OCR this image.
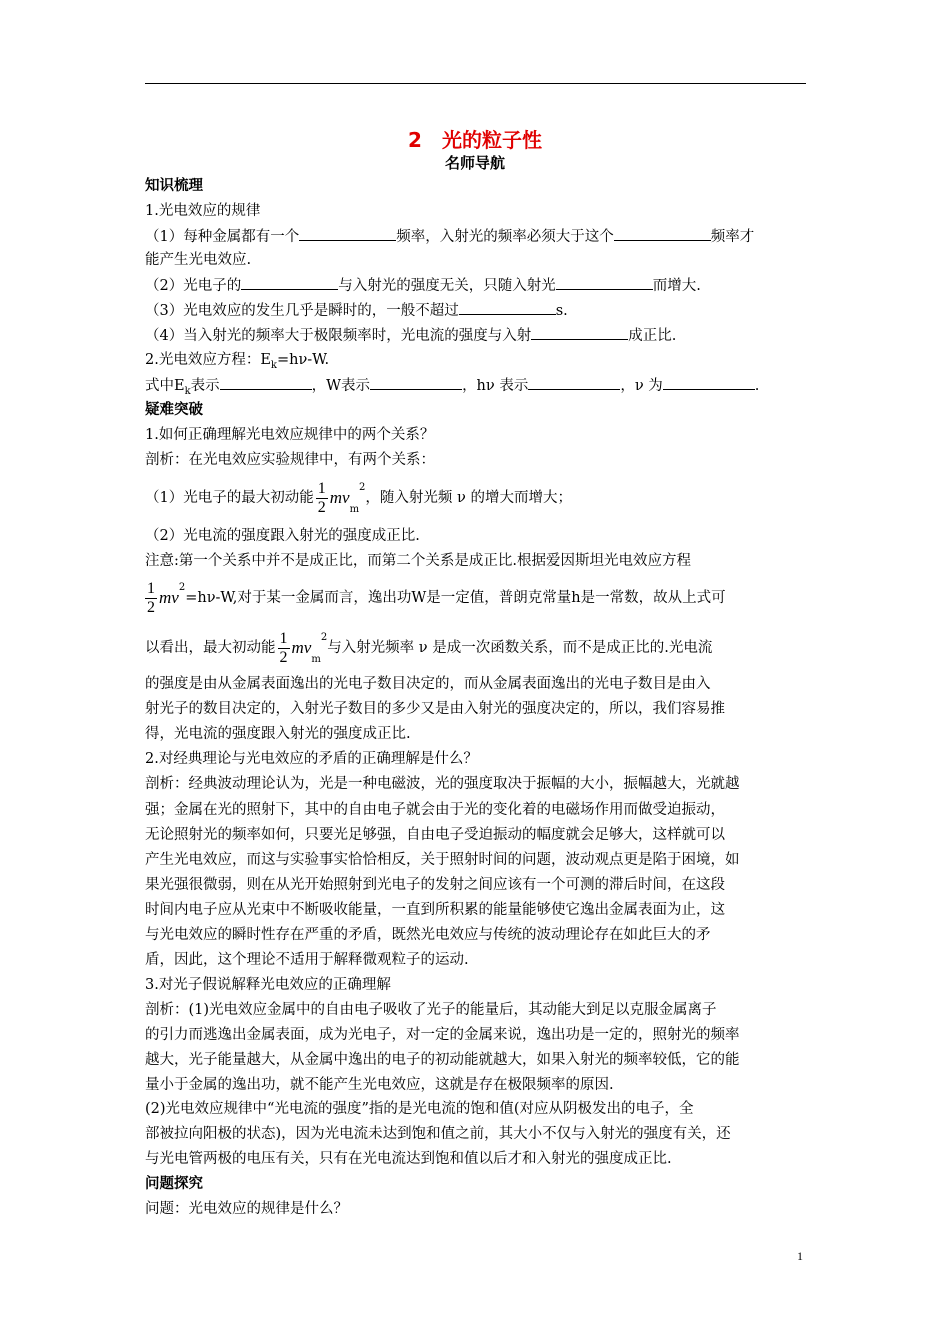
2　光的粒子性
名师导航
知识梳理
1.光电效应的规律
（1）每种金属都有一个	频率，入射光的频率必须大于这个	频率才
能产生光电效应.
（2）光电子的	与入射光的强度无关，只随入射光	而增大.
（3）光电效应的发生几乎是瞬时的，一般不超过	s.
（4）当入射光的频率大于极限频率时，光电流的强度与入射	成正比.
2.光电效应方程：$E_k=h\nu-W$.
式中$E_k$表示	，W表示	，hν 表示	，ν 为	.
疑难突破
1.如何正确理解光电效应规律中的两个关系？
剖析：在光电效应实验规律中，有两个关系：
（1）光电子的最大初动能 $\frac{1}{2} mv_m^2$，随入射光频 ν 的增大而增大；
（2）光电流的强度跟入射光的强度成正比.
注意:第一个关系中并不是成正比，而第二个关系是成正比.根据爱因斯坦光电效应方程
$\frac{1}{2} mv^2=h\nu-W$,对于某一金属而言，逸出功W是一定值，普朗克常量h是一常数，故从上式可
以看出，最大初动能 $\frac{1}{2} mv_m^2$与入射光频率 ν 是成一次函数关系，而不是成正比的.光电流
的强度是由从金属表面逸出的光电子数目决定的，而从金属表面逸出的光电子数目是由入
射光子的数目决定的，入射光子数目的多少又是由入射光的强度决定的，所以，我们容易推
得，光电流的强度跟入射光的强度成正比.
2.对经典理论与光电效应的矛盾的正确理解是什么？
剖析：经典波动理论认为，光是一种电磁波，光的强度取决于振幅的大小，振幅越大，光就越
强；金属在光的照射下，其中的自由电子就会由于光的变化着的电磁场作用而做受迫振动，
无论照射光的频率如何，只要光足够强，自由电子受迫振动的幅度就会足够大，这样就可以
产生光电效应，而这与实验事实恰恰相反，关于照射时间的问题，波动观点更是陷于困境，如
果光强很微弱，则在从光开始照射到光电子的发射之间应该有一个可测的滞后时间，在这段
时间内电子应从光束中不断吸收能量，一直到所积累的能量能够使它逸出金属表面为止，这
与光电效应的瞬时性存在严重的矛盾，既然光电效应与传统的波动理论存在如此巨大的矛
盾，因此，这个理论不适用于解释微观粒子的运动.
3.对光子假说解释光电效应的正确理解
剖析：(1)光电效应金属中的自由电子吸收了光子的能量后，其动能大到足以克服金属离子
的引力而逃逸出金属表面，成为光电子，对一定的金属来说，逸出功是一定的，照射光的频率
越大，光子能量越大，从金属中逸出的电子的初动能就越大，如果入射光的频率较低，它的能
量小于金属的逸出功，就不能产生光电效应，这就是存在极限频率的原因.
(2)光电效应规律中“光电流的强度”指的是光电流的饱和值(对应从阴极发出的电子，全
部被拉向阳极的状态)，因为光电流未达到饱和值之前，其大小不仅与入射光的强度有关，还
与光电管两极的电压有关，只有在光电流达到饱和值以后才和入射光的强度成正比.
问题探究
问题：光电效应的规律是什么？
1
